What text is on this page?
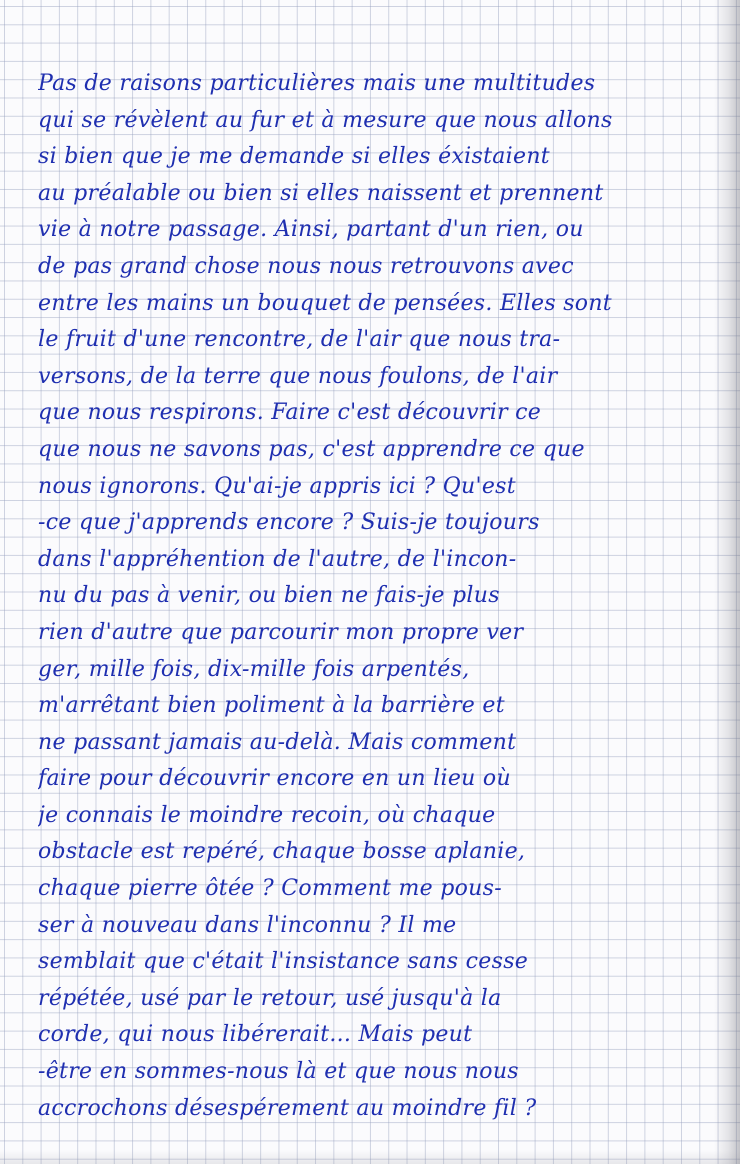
Pas de raisons particulières mais une multitudes
qui se révèlent au fur et à mesure que nous allons
si bien que je me demande si elles éxistaient
au préalable ou bien si elles naissent et prennent
vie à notre passage. Ainsi, partant d'un rien, ou
de pas grand chose nous nous retrouvons avec
entre les mains un bouquet de pensées. Elles sont
le fruit d'une rencontre, de l'air que nous tra-
versons, de la terre que nous foulons, de l'air
que nous respirons. Faire c'est découvrir ce
que nous ne savons pas, c'est apprendre ce que
nous ignorons. Qu'ai-je appris ici ? Qu'est
-ce que j'apprends encore ? Suis-je toujours
dans l'appréhention de l'autre, de l'incon-
nu du pas à venir, ou bien ne fais-je plus
rien d'autre que parcourir mon propre ver
ger, mille fois, dix-mille fois arpentés,
m'arrêtant bien poliment à la barrière et
ne passant jamais au-delà. Mais comment
faire pour découvrir encore en un lieu où
je connais le moindre recoin, où chaque
obstacle est repéré, chaque bosse aplanie,
chaque pierre ôtée ? Comment me pous-
ser à nouveau dans l'inconnu ? Il me
semblait que c'était l'insistance sans cesse
répétée, usé par le retour, usé jusqu'à la
corde, qui nous libérerait... Mais peut
-être en sommes-nous là et que nous nous
accrochons désespérement au moindre fil ?
